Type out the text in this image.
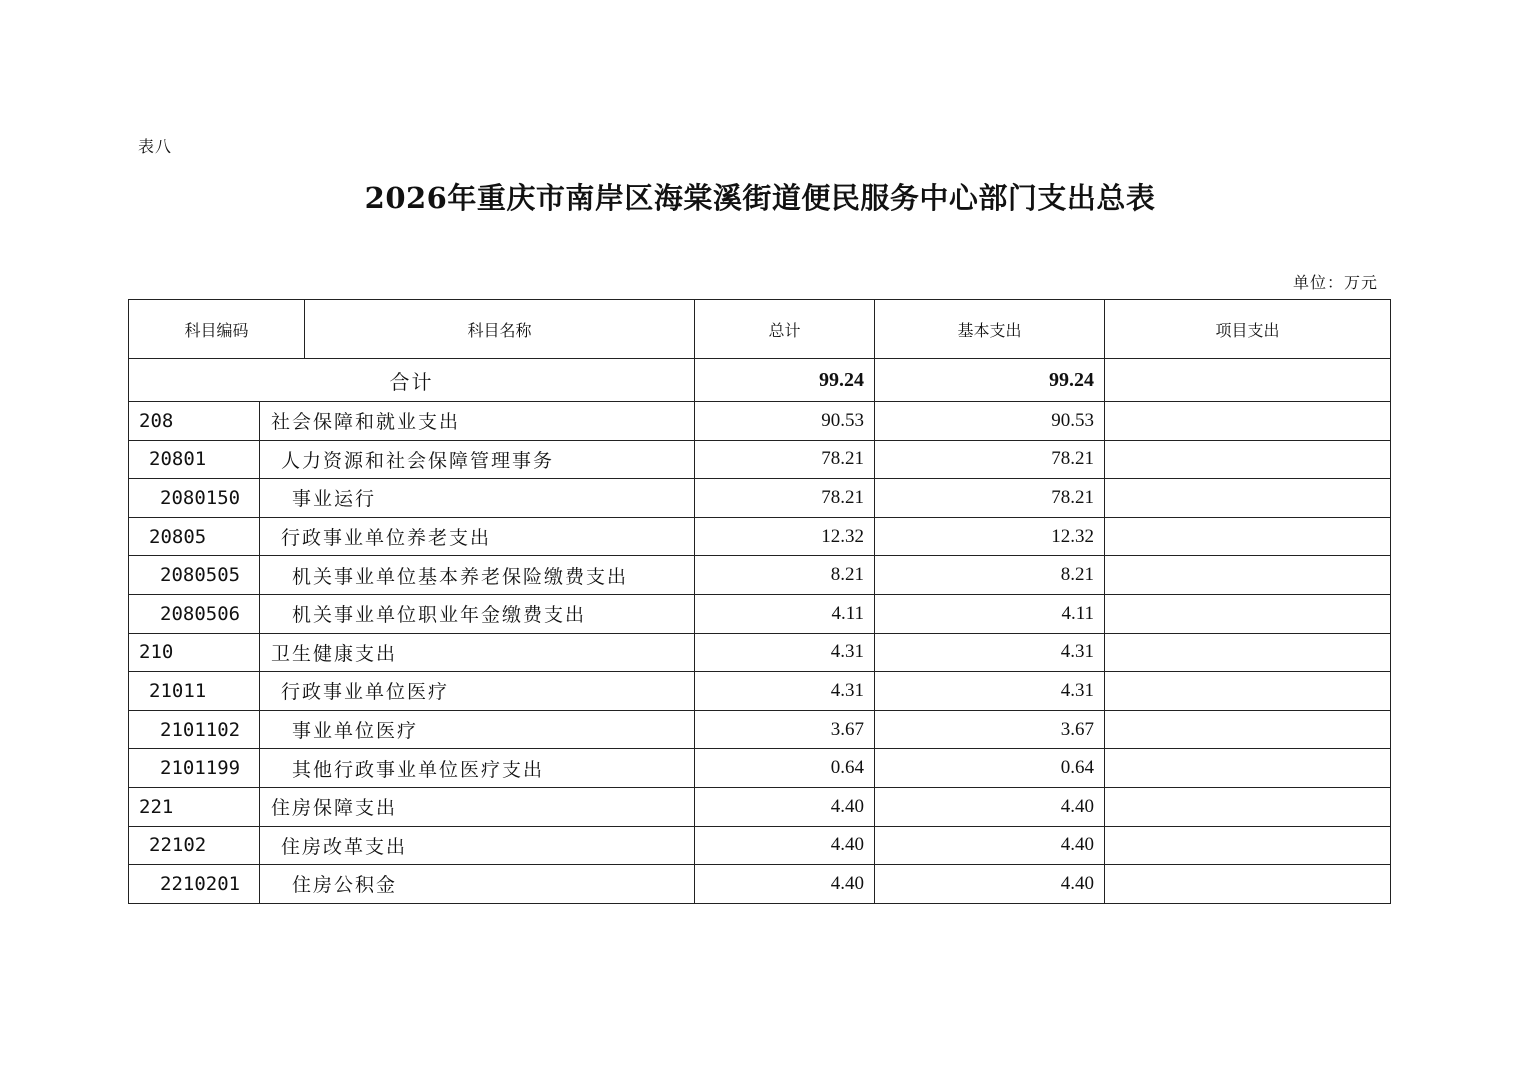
表八
2026年重庆市南岸区海棠溪街道便民服务中心部门支出总表
单位：万元
科目编码		科目名称	总计	基本支出	项目支出
合计			99.24	99.24	
208	社会保障和就业支出		90.53	90.53	
20801	人力资源和社会保障管理事务		78.21	78.21	
2080150	事业运行		78.21	78.21	
20805	行政事业单位养老支出		12.32	12.32	
2080505	机关事业单位基本养老保险缴费支出		8.21	8.21	
2080506	机关事业单位职业年金缴费支出		4.11	4.11	
210	卫生健康支出		4.31	4.31	
21011	行政事业单位医疗		4.31	4.31	
2101102	事业单位医疗		3.67	3.67	
2101199	其他行政事业单位医疗支出		0.64	0.64	
221	住房保障支出		4.40	4.40	
22102	住房改革支出		4.40	4.40	
2210201	住房公积金		4.40	4.40	
